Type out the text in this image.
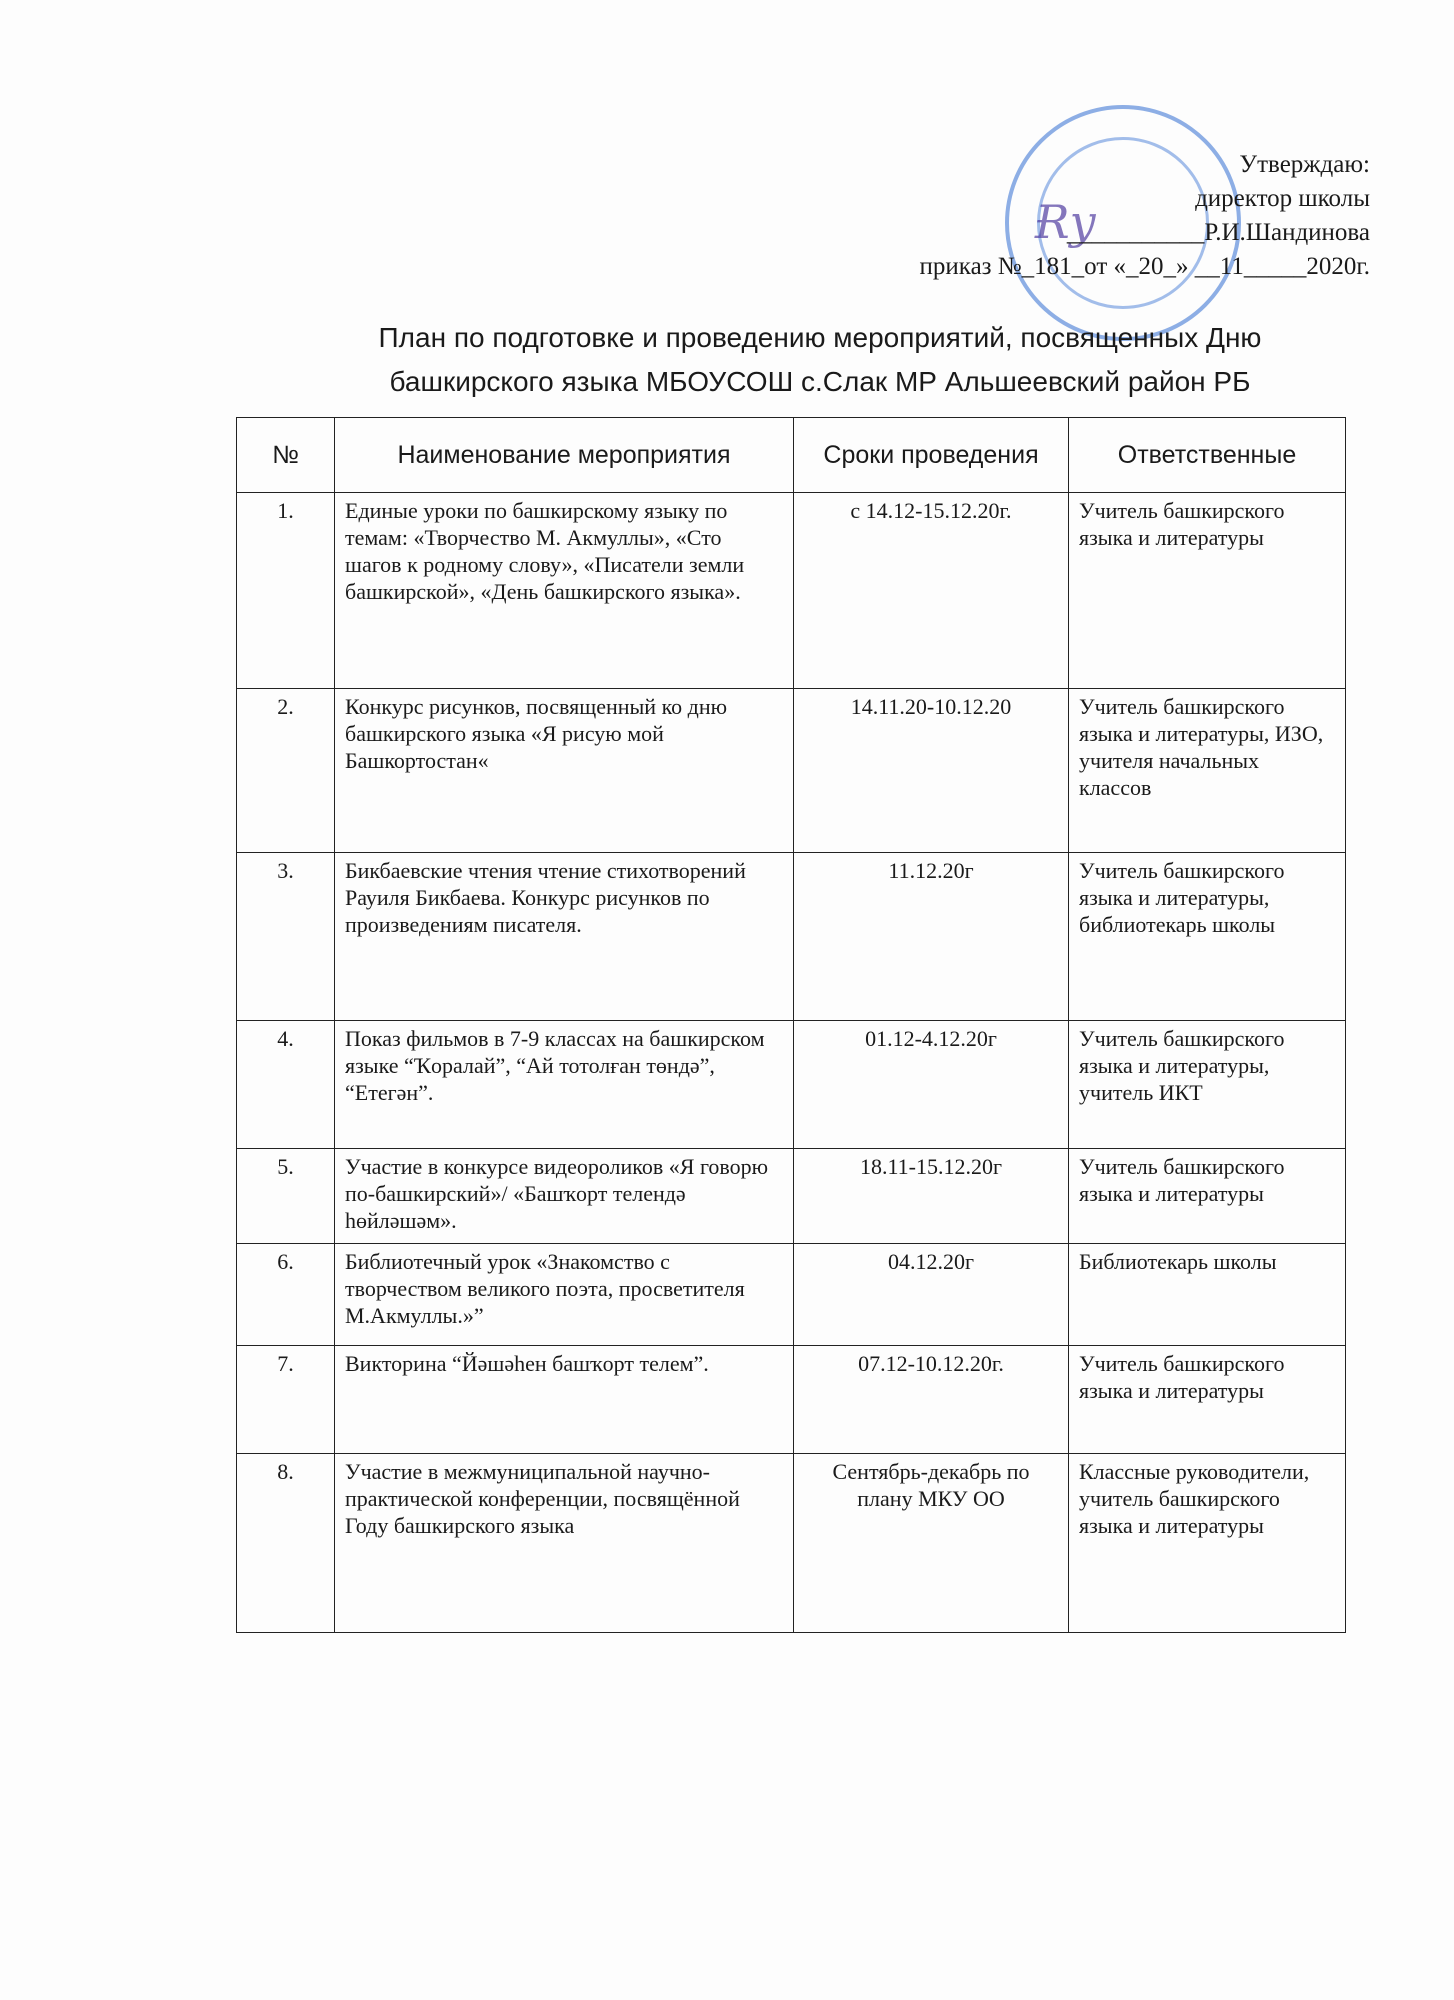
Ɍy
Утверждаю:
директор школы
___________Р.И.Шандинова
приказ №_181_от «_20_» __11_____2020г.
План по подготовке и проведению мероприятий, посвященных Дню
башкирского языка МБОУСОШ с.Слак МР Альшеевский район РБ
№	Наименование мероприятия	Сроки проведения	Ответственные
1.	Единые уроки по башкирскому языку по темам: «Творчество М. Акмуллы», «Сто шагов к родному слову», «Писатели земли башкирской», «День башкирского языка».	с 14.12-15.12.20г.	Учитель башкирского языка и литературы
2.	Конкурс рисунков, посвященный ко дню башкирского языка «Я рисую мой Башкортостан«	14.11.20-10.12.20	Учитель башкирского языка и литературы, ИЗО, учителя начальных классов
3.	Бикбаевские чтения чтение стихотворений Рауиля Бикбаева. Конкурс рисунков по произведениям писателя.	11.12.20г	Учитель башкирского языка и литературы, библиотекарь школы
4.	Показ фильмов в 7-9 классах на башкирском языке “Ҡоралай”, “Ай тотолған төндә”, “Етегән”.	01.12-4.12.20г	Учитель башкирского языка и литературы, учитель ИКТ
5.	Участие в конкурсе видеороликов «Я говорю по-башкирский»/ «Башҡорт телендә һөйләшәм».	18.11-15.12.20г	Учитель башкирского языка и литературы
6.	Библиотечный урок «Знакомство с творчеством великого поэта, просветителя М.Акмуллы.»”	04.12.20г	Библиотекарь школы
7.	Викторина “Йәшәһен башҡорт телем”.	07.12-10.12.20г.	Учитель башкирского языка и литературы
8.	Участие в межмуниципальной научно-практической конференции, посвящённой Году башкирского языка	Сентябрь-декабрь по плану МКУ ОО	Классные руководители, учитель башкирского языка и литературы
